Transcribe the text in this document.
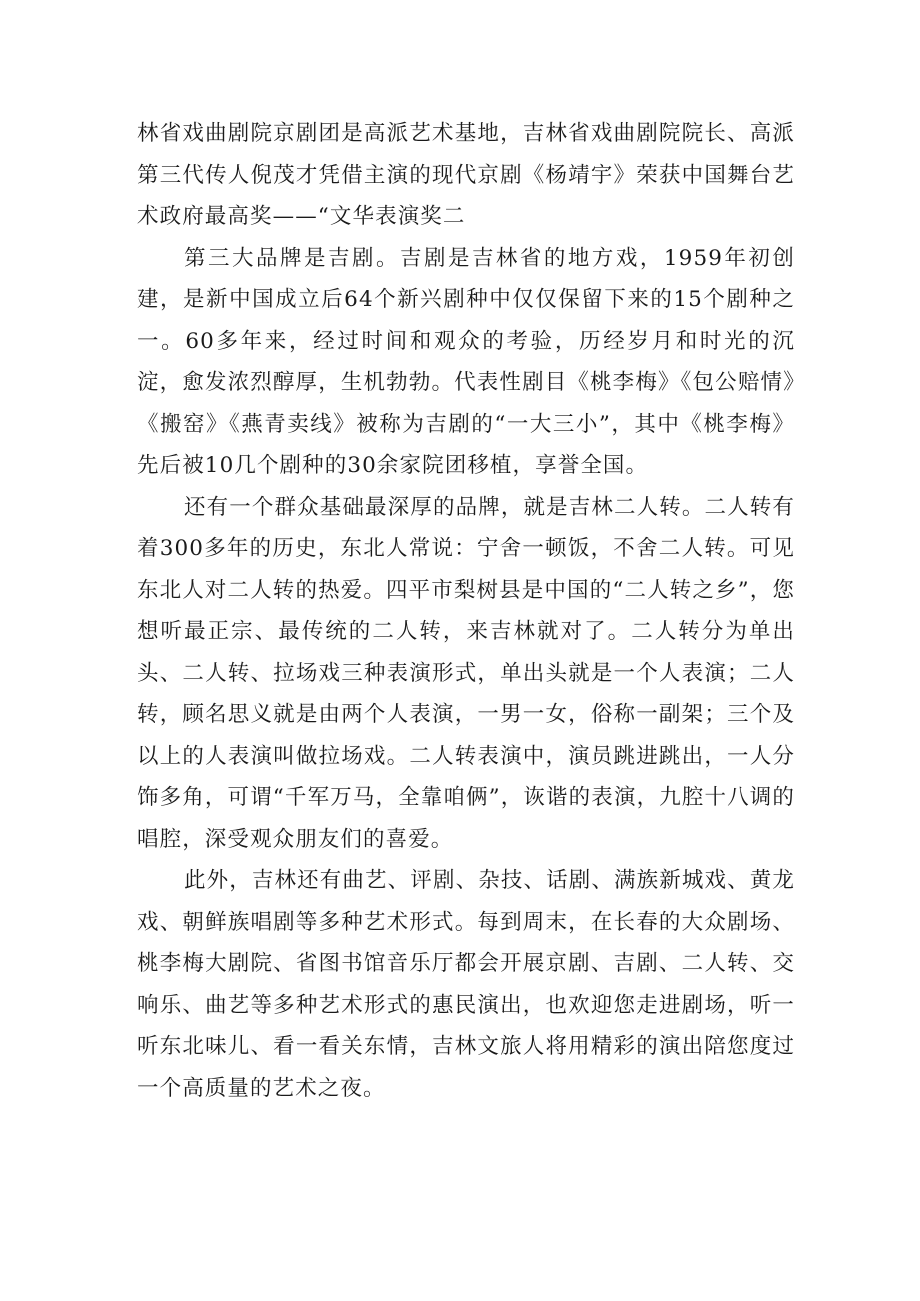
林省戏曲剧院京剧团是高派艺术基地，吉林省戏曲剧院院长、高派第三代传人倪茂才凭借主演的现代京剧《杨靖宇》荣获中国舞台艺术政府最高奖——“文华表演奖二

第三大品牌是吉剧。吉剧是吉林省的地方戏，1959年初创建，是新中国成立后64个新兴剧种中仅仅保留下来的15个剧种之一。60多年来，经过时间和观众的考验，历经岁月和时光的沉淀，愈发浓烈醇厚，生机勃勃。代表性剧目《桃李梅》《包公赔情》《搬窑》《燕青卖线》被称为吉剧的“一大三小”，其中《桃李梅》先后被10几个剧种的30余家院团移植，享誉全国。

还有一个群众基础最深厚的品牌，就是吉林二人转。二人转有着300多年的历史，东北人常说：宁舍一顿饭，不舍二人转。可见东北人对二人转的热爱。四平市梨树县是中国的“二人转之乡”，您想听最正宗、最传统的二人转，来吉林就对了。二人转分为单出头、二人转、拉场戏三种表演形式，单出头就是一个人表演；二人转，顾名思义就是由两个人表演，一男一女，俗称一副架；三个及以上的人表演叫做拉场戏。二人转表演中，演员跳进跳出，一人分饰多角，可谓“千军万马，全靠咱俩”，诙谐的表演，九腔十八调的唱腔，深受观众朋友们的喜爱。

此外，吉林还有曲艺、评剧、杂技、话剧、满族新城戏、黄龙戏、朝鲜族唱剧等多种艺术形式。每到周末，在长春的大众剧场、桃李梅大剧院、省图书馆音乐厅都会开展京剧、吉剧、二人转、交响乐、曲艺等多种艺术形式的惠民演出，也欢迎您走进剧场，听一听东北味儿、看一看关东情，吉林文旅人将用精彩的演出陪您度过一个高质量的艺术之夜。
